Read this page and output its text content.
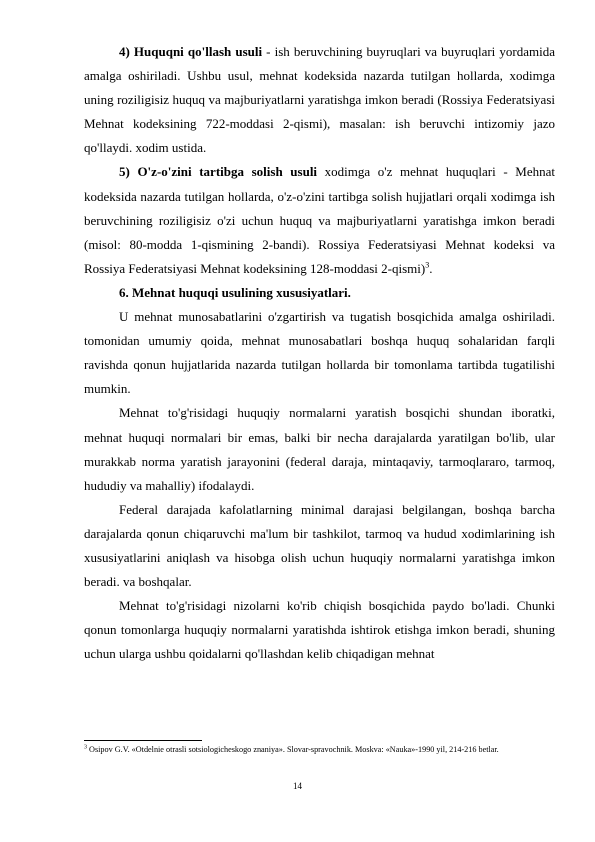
4) Huquqni qo'llash usuli - ish beruvchining buyruqlari va buyruqlari yordamida amalga oshiriladi. Ushbu usul, mehnat kodeksida nazarda tutilgan hollarda, xodimga uning roziligisiz huquq va majburiyatlarni yaratishga imkon beradi (Rossiya Federatsiyasi Mehnat kodeksining 722-moddasi 2-qismi), masalan: ish beruvchi intizomiy jazo qo'llaydi. xodim ustida.

5) O'z-o'zini tartibga solish usuli xodimga o'z mehnat huquqlari - Mehnat kodeksida nazarda tutilgan hollarda, o'z-o'zini tartibga solish hujjatlari orqali xodimga ish beruvchining roziligisiz o'zi uchun huquq va majburiyatlarni yaratishga imkon beradi (misol: 80-modda 1-qismining 2-bandi). Rossiya Federatsiyasi Mehnat kodeksi va Rossiya Federatsiyasi Mehnat kodeksining 128-moddasi 2-qismi)$^3$.

6. Mehnat huquqi usulining xususiyatlari.

U mehnat munosabatlarini o'zgartirish va tugatish bosqichida amalga oshiriladi. tomonidan umumiy qoida, mehnat munosabatlari boshqa huquq sohalaridan farqli ravishda qonun hujjatlarida nazarda tutilgan hollarda bir tomonlama tartibda tugatilishi mumkin.

Mehnat to'g'risidagi huquqiy normalarni yaratish bosqichi shundan iboratki, mehnat huquqi normalari bir emas, balki bir necha darajalarda yaratilgan bo'lib, ular murakkab norma yaratish jarayonini (federal daraja, mintaqaviy, tarmoqlararo, tarmoq, hududiy va mahalliy) ifodalaydi.

Federal darajada kafolatlarning minimal darajasi belgilangan, boshqa barcha darajalarda qonun chiqaruvchi ma'lum bir tashkilot, tarmoq va hudud xodimlarining ish xususiyatlarini aniqlash va hisobga olish uchun huquqiy normalarni yaratishga imkon beradi. va boshqalar.

Mehnat to'g'risidagi nizolarni ko'rib chiqish bosqichida paydo bo'ladi. Chunki qonun tomonlarga huquqiy normalarni yaratishda ishtirok etishga imkon beradi, shuning uchun ularga ushbu qoidalarni qo'llashdan kelib chiqadigan mehnat

$^3$ Osipov G.V. «Otdelnie otrasli sotsiologicheskogo znaniya». Slovar-spravochnik. Moskva: «Nauka»-1990 yil, 214-216 betlar.
14
